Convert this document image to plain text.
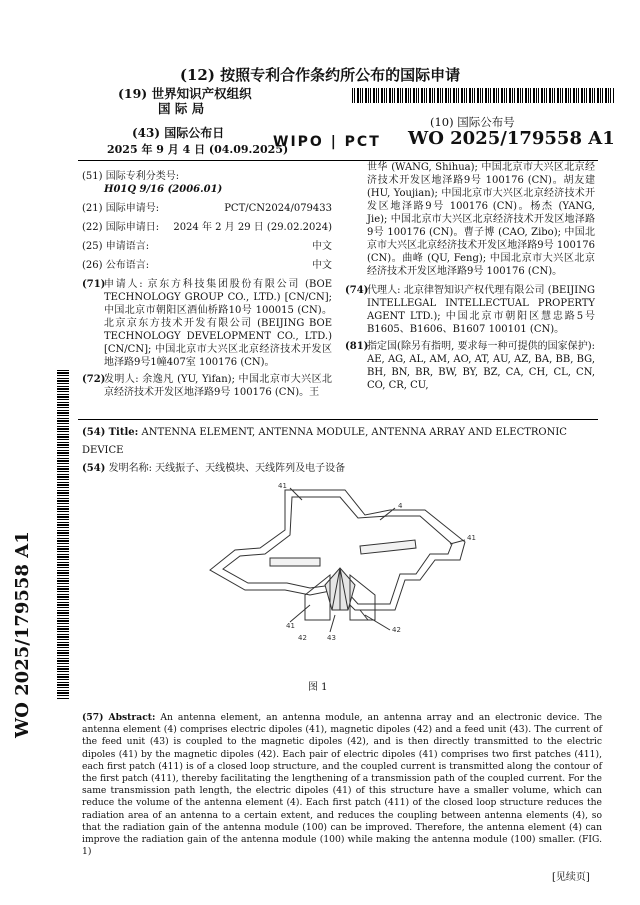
(12) 按照专利合作条约所公布的国际申请
(19) 世界知识产权组织
国 际 局
(43) 国际公布日
2025 年 9 月 4 日 (04.09.2025)
WIPO | PCT
(10) 国际公布号
WO 2025/179558 A1
(51) 国际专利分类号:
H01Q 9/16 (2006.01)
(21) 国际申请号:	PCT/CN2024/079433
(22) 国际申请日: 2024 年 2 月 29 日 (29.02.2024)
(25) 申请语言:	中文
(26) 公布语言:	中文
(71)
申请人: 京东方科技集团股份有限公司 (BOE TECHNOLOGY GROUP CO., LTD.) [CN/CN]; 中国北京市朝阳区酒仙桥路10号 100015 (CN)。北京京东方技术开发有限公司 (BEIJING BOE TECHNOLOGY DEVELOPMENT CO., LTD.) [CN/CN]; 中国北京市大兴区北京经济技术开发区地泽路9号1幢407室 100176 (CN)。
(72)
发明人: 余逸凡 (YU, Yifan); 中国北京市大兴区北京经济技术开发区地泽路9号 100176 (CN)。王
世华 (WANG, Shihua); 中国北京市大兴区北京经济技术开发区地泽路9号 100176 (CN)。胡友建 (HU, Youjian); 中国北京市大兴区北京经济技术开发区地泽路9号 100176 (CN)。杨杰 (YANG, Jie); 中国北京市大兴区北京经济技术开发区地泽路9号 100176 (CN)。曹子博 (CAO, Zibo); 中国北京市大兴区北京经济技术开发区地泽路9号 100176 (CN)。曲峰 (QU, Feng); 中国北京市大兴区北京经济技术开发区地泽路9号 100176 (CN)。
(74)
代理人: 北京律智知识产权代理有限公司 (BEIJING INTELLEGAL INTELLECTUAL PROPERTY AGENT LTD.); 中国北京市朝阳区慧忠路5号B1605、B1606、B1607 100101 (CN)。
(81)
指定国(除另有指明, 要求每一种可提供的国家保护): AE, AG, AL, AM, AO, AT, AU, AZ, BA, BB, BG, BH, BN, BR, BW, BY, BZ, CA, CH, CL, CN, CO, CR, CU,
WO 2025/179558 A1
(54) Title: ANTENNA ELEMENT, ANTENNA MODULE, ANTENNA ARRAY AND ELECTRONIC DEVICE
(54) 发明名称: 天线振子、天线模块、天线阵列及电子设备
41
4
41
41
42	43
42
图 1
(57) Abstract: An antenna element, an antenna module, an antenna array and an electronic device. The antenna element (4) comprises electric dipoles (41), magnetic dipoles (42) and a feed unit (43). The current of the feed unit (43) is coupled to the magnetic dipoles (42), and is then directly transmitted to the electric dipoles (41) by the magnetic dipoles (42). Each pair of electric dipoles (41) comprises two first patches (411), each first patch (411) is of a closed loop structure, and the coupled current is transmitted along the contour of the first patch (411), thereby facilitating the lengthening of a transmission path of the coupled current. For the same transmission path length, the electric dipoles (41) of this structure have a smaller volume, which can reduce the volume of the antenna element (4). Each first patch (411) of the closed loop structure reduces the radiation area of an antenna to a certain extent, and reduces the coupling between antenna elements (4), so that the radiation gain of the antenna module (100) can be improved. Therefore, the antenna element (4) can improve the radiation gain of the antenna module (100) while making the antenna module (100) smaller. (FIG. 1)
[见续页]
